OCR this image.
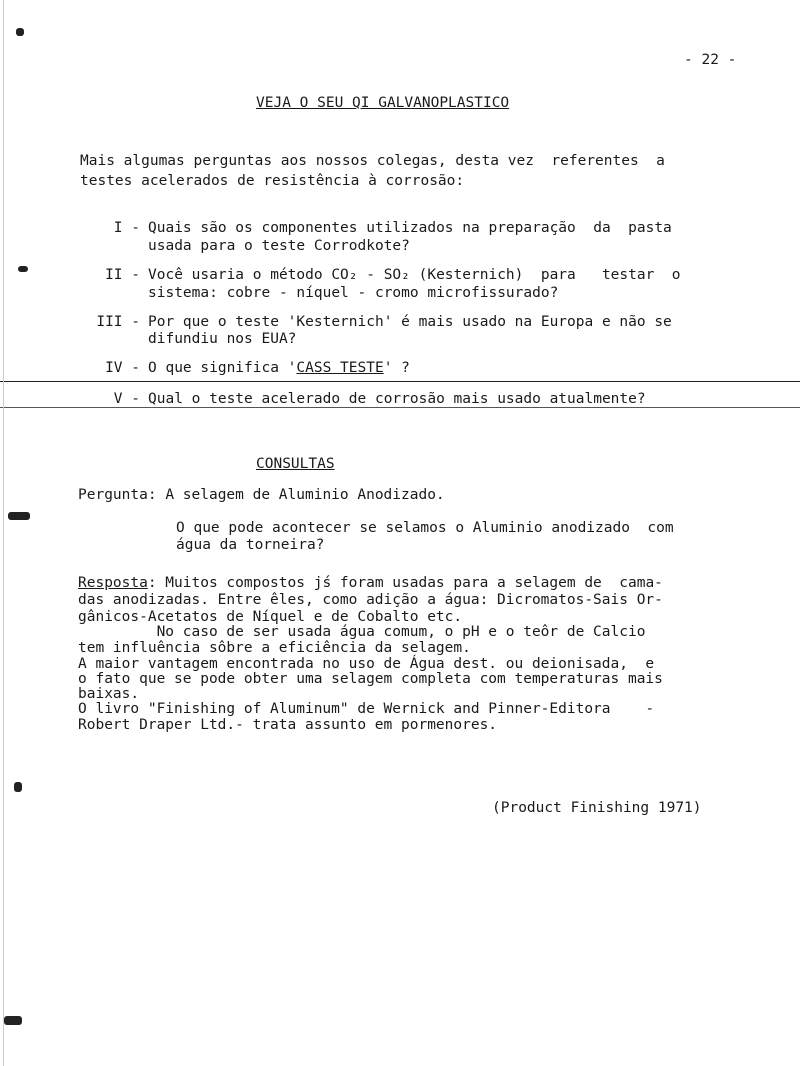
- 22 -
VEJA O SEU QI GALVANOPLASTICO
Mais algumas perguntas aos nossos colegas, desta vez  referentes  a
testes acelerados de resistência à corrosão:
I - Quais são os componentes utilizados na preparação  da  pasta
usada para o teste Corrodkote?
II - Você usaria o método CO₂ - SO₂ (Kesternich)  para   testar  o
sistema: cobre - níquel - cromo microfissurado?
III - Por que o teste 'Kesternich' é mais usado na Europa e não se
difundiu nos EUA?
IV - O que significa 'CASS TESTE' ?
V - Qual o teste acelerado de corrosão mais usado atualmente?
CONSULTAS
Pergunta: A selagem de Aluminio Anodizado.
O que pode acontecer se selamos o Aluminio anodizado  com
água da torneira?
Resposta: Muitos compostos jś foram usadas para a selagem de  cama-
das anodizadas. Entre êles, como adição a água: Dicromatos-Sais Or-
gânicos-Acetatos de Níquel e de Cobalto etc.
No caso de ser usada água comum, o pH e o teôr de Calcio
tem influência sôbre a eficiência da selagem.
A maior vantagem encontrada no uso de Água dest. ou deionisada,  e
o fato que se pode obter uma selagem completa com temperaturas mais
baixas.
O livro "Finishing of Aluminum" de Wernick and Pinner-Editora    -
Robert Draper Ltd.- trata assunto em pormenores.
(Product Finishing 1971)
